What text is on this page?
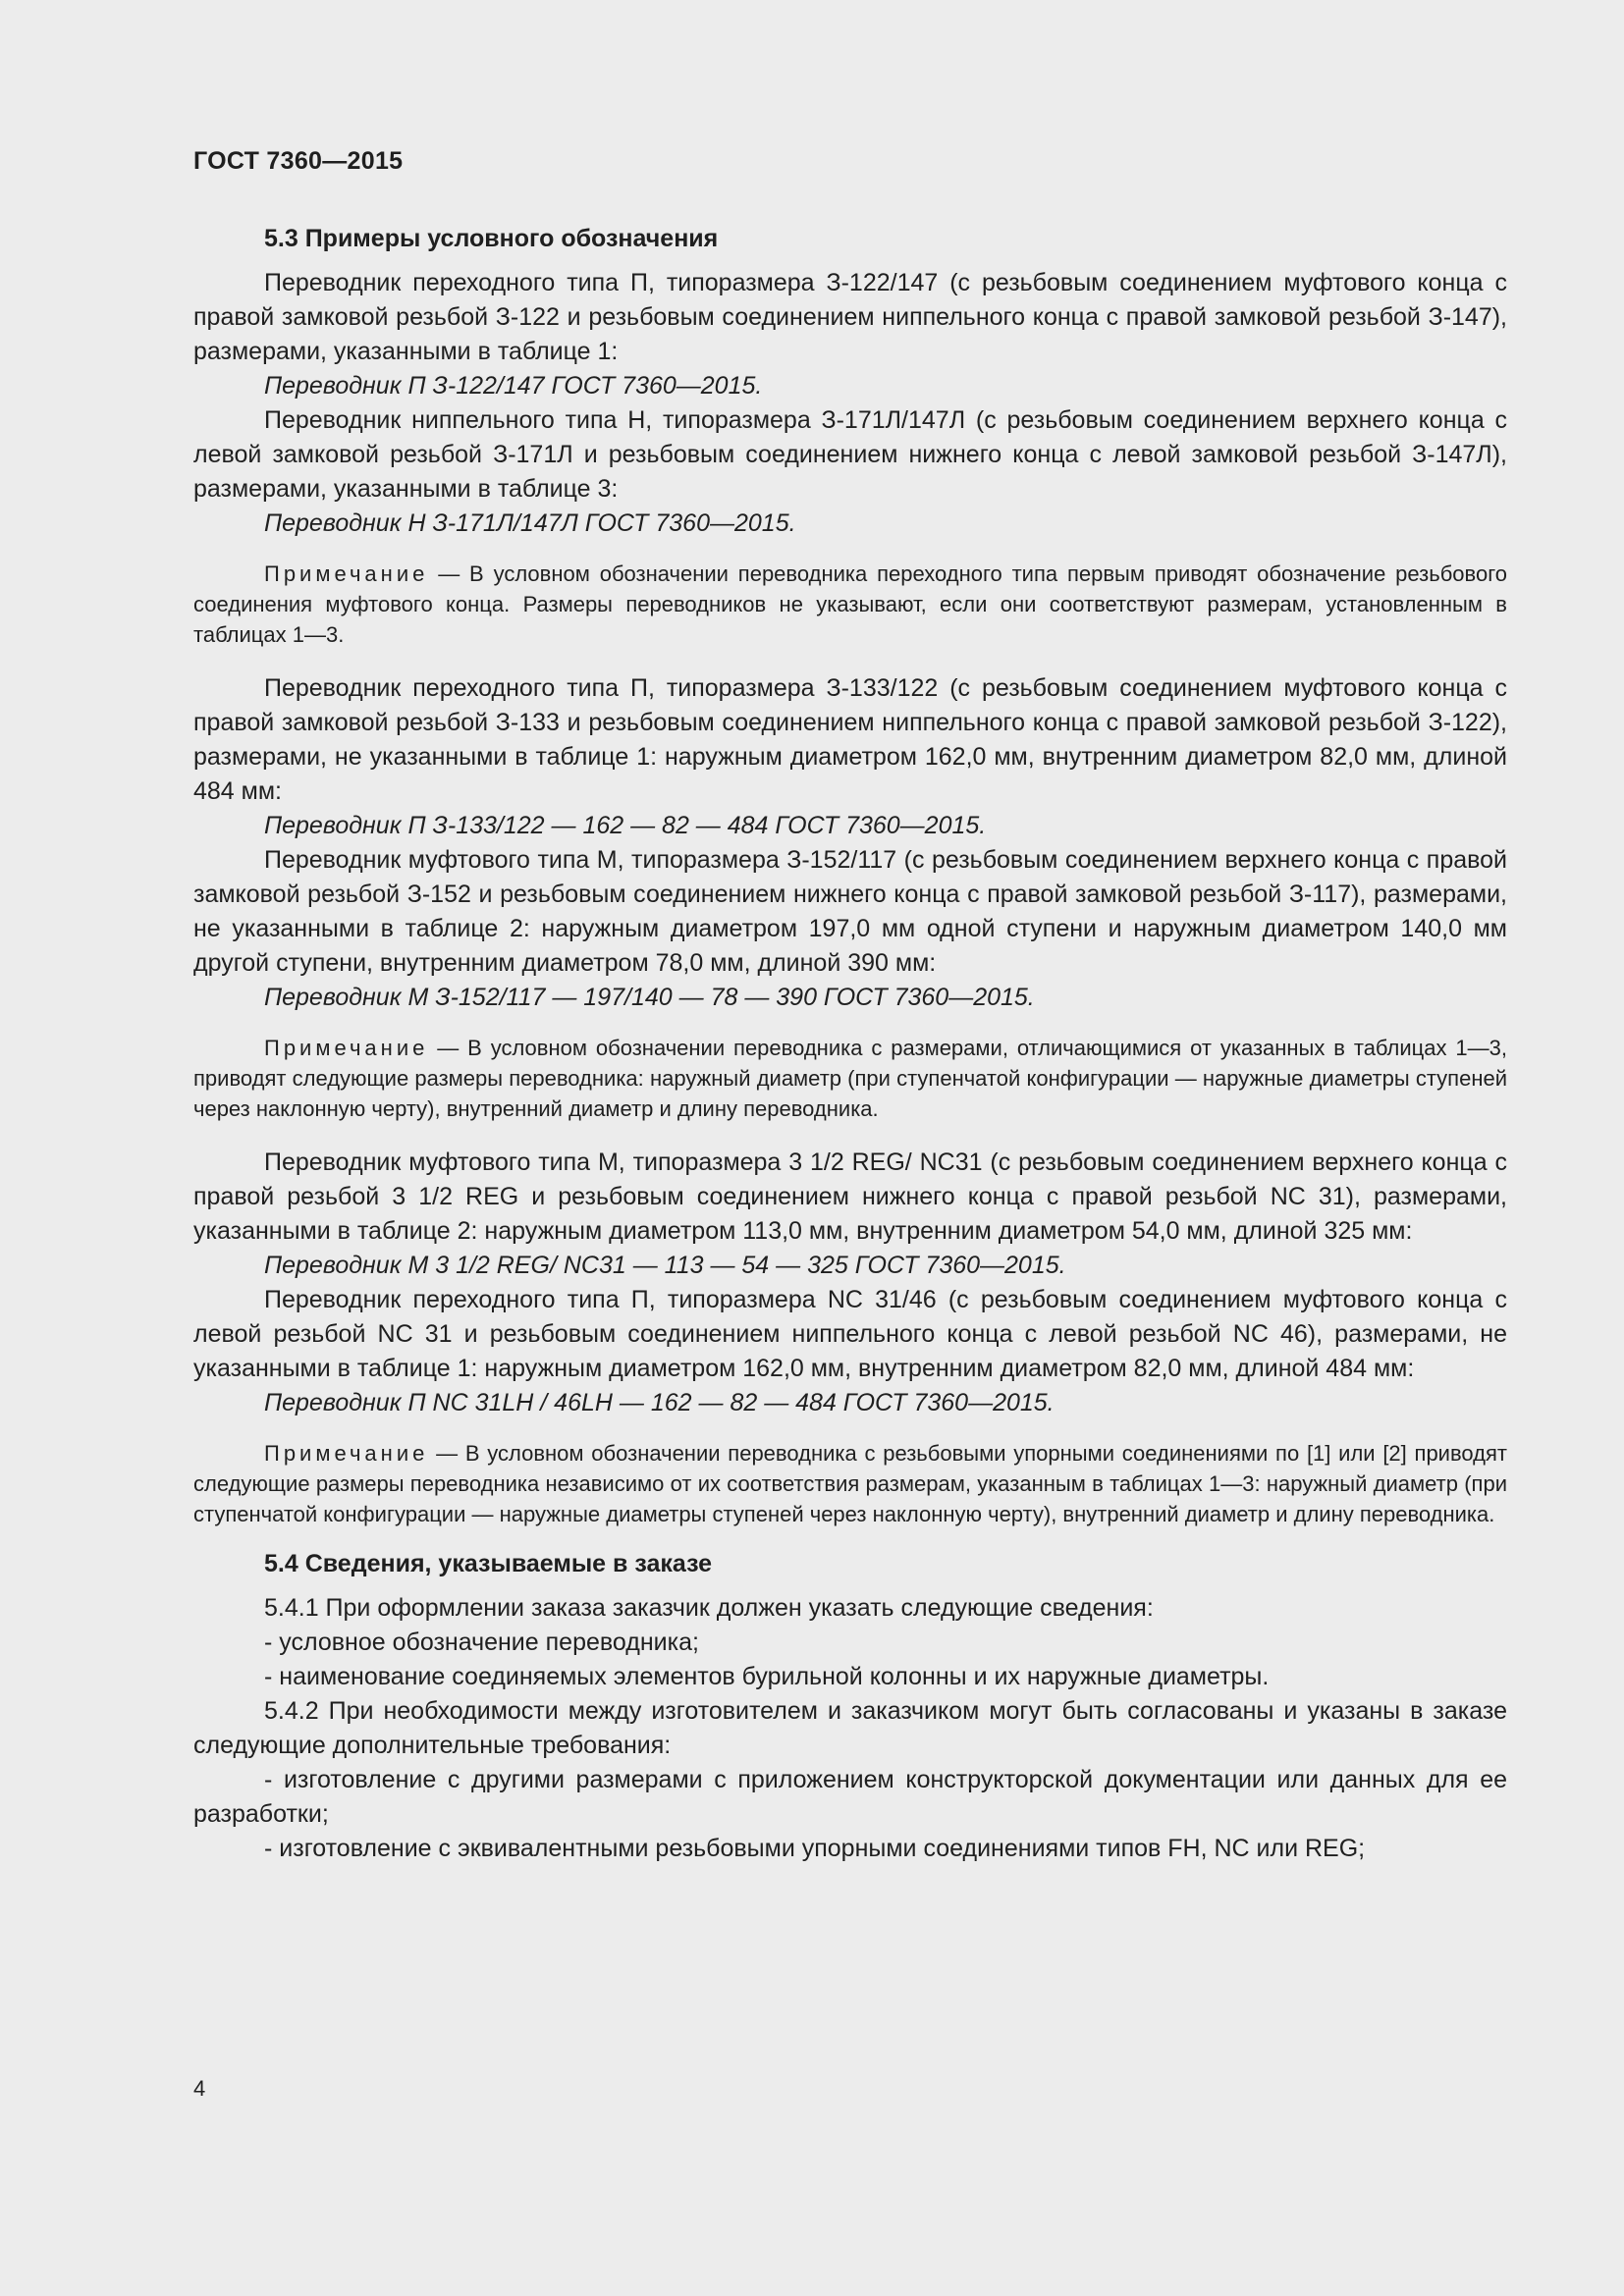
ГОСТ 7360—2015

5.3 Примеры условного обозначения

Переводник переходного типа П, типоразмера З-122/147 (с резьбовым соединением муфтового конца с правой замковой резьбой З-122 и резьбовым соединением ниппельного конца с правой замковой резьбой З-147), размерами, указанными в таблице 1:

Переводник П З-122/147 ГОСТ 7360—2015.

Переводник ниппельного типа Н, типоразмера З-171Л/147Л (с резьбовым соединением верхнего конца с левой замковой резьбой З-171Л и резьбовым соединением нижнего конца с левой замковой резьбой З-147Л), размерами, указанными в таблице 3:

Переводник Н З-171Л/147Л ГОСТ 7360—2015.

Примечание — В условном обозначении переводника переходного типа первым приводят обозначение резьбового соединения муфтового конца. Размеры переводников не указывают, если они соответствуют размерам, установленным в таблицах 1—3.

Переводник переходного типа П, типоразмера З-133/122 (с резьбовым соединением муфтового конца с правой замковой резьбой З-133 и резьбовым соединением ниппельного конца с правой замковой резьбой З-122), размерами, не указанными в таблице 1: наружным диаметром 162,0 мм, внутренним диаметром 82,0 мм, длиной 484 мм:

Переводник П З-133/122 — 162 — 82 — 484 ГОСТ 7360—2015.

Переводник муфтового типа М, типоразмера З-152/117 (с резьбовым соединением верхнего конца с правой замковой резьбой З-152 и резьбовым соединением нижнего конца с правой замковой резьбой З-117), размерами, не указанными в таблице 2: наружным диаметром 197,0 мм одной ступени и наружным диаметром 140,0 мм другой ступени, внутренним диаметром 78,0 мм, длиной 390 мм:

Переводник М З-152/117 — 197/140 — 78 — 390 ГОСТ 7360—2015.

Примечание — В условном обозначении переводника с размерами, отличающимися от указанных в таблицах 1—3, приводят следующие размеры переводника: наружный диаметр (при ступенчатой конфигурации — наружные диаметры ступеней через наклонную черту), внутренний диаметр и длину переводника.

Переводник муфтового типа М, типоразмера 3 1/2 REG/ NC31 (с резьбовым соединением верхнего конца с правой резьбой 3 1/2 REG и резьбовым соединением нижнего конца с правой резьбой NC 31), размерами, указанными в таблице 2: наружным диаметром 113,0 мм, внутренним диаметром 54,0 мм, длиной 325 мм:

Переводник М 3 1/2 REG/ NC31 — 113 — 54 — 325 ГОСТ 7360—2015.

Переводник переходного типа П, типоразмера NC 31/46 (с резьбовым соединением муфтового конца с левой резьбой NC 31 и резьбовым соединением ниппельного конца с левой резьбой NC 46), размерами, не указанными в таблице 1: наружным диаметром 162,0 мм, внутренним диаметром 82,0 мм, длиной 484 мм:

Переводник П NC 31LH / 46LH — 162 — 82 — 484 ГОСТ 7360—2015.

Примечание — В условном обозначении переводника с резьбовыми упорными соединениями по [1] или [2] приводят следующие размеры переводника независимо от их соответствия размерам, указанным в таблицах 1—3: наружный диаметр (при ступенчатой конфигурации — наружные диаметры ступеней через наклонную черту), внутренний диаметр и длину переводника.

5.4 Сведения, указываемые в заказе

5.4.1 При оформлении заказа заказчик должен указать следующие сведения:

- условное обозначение переводника;

- наименование соединяемых элементов бурильной колонны и их наружные диаметры.

5.4.2 При необходимости между изготовителем и заказчиком могут быть согласованы и указаны в заказе следующие дополнительные требования:

- изготовление с другими размерами с приложением конструкторской документации или данных для ее разработки;

- изготовление с эквивалентными резьбовыми упорными соединениями типов FH, NC или REG;

4
